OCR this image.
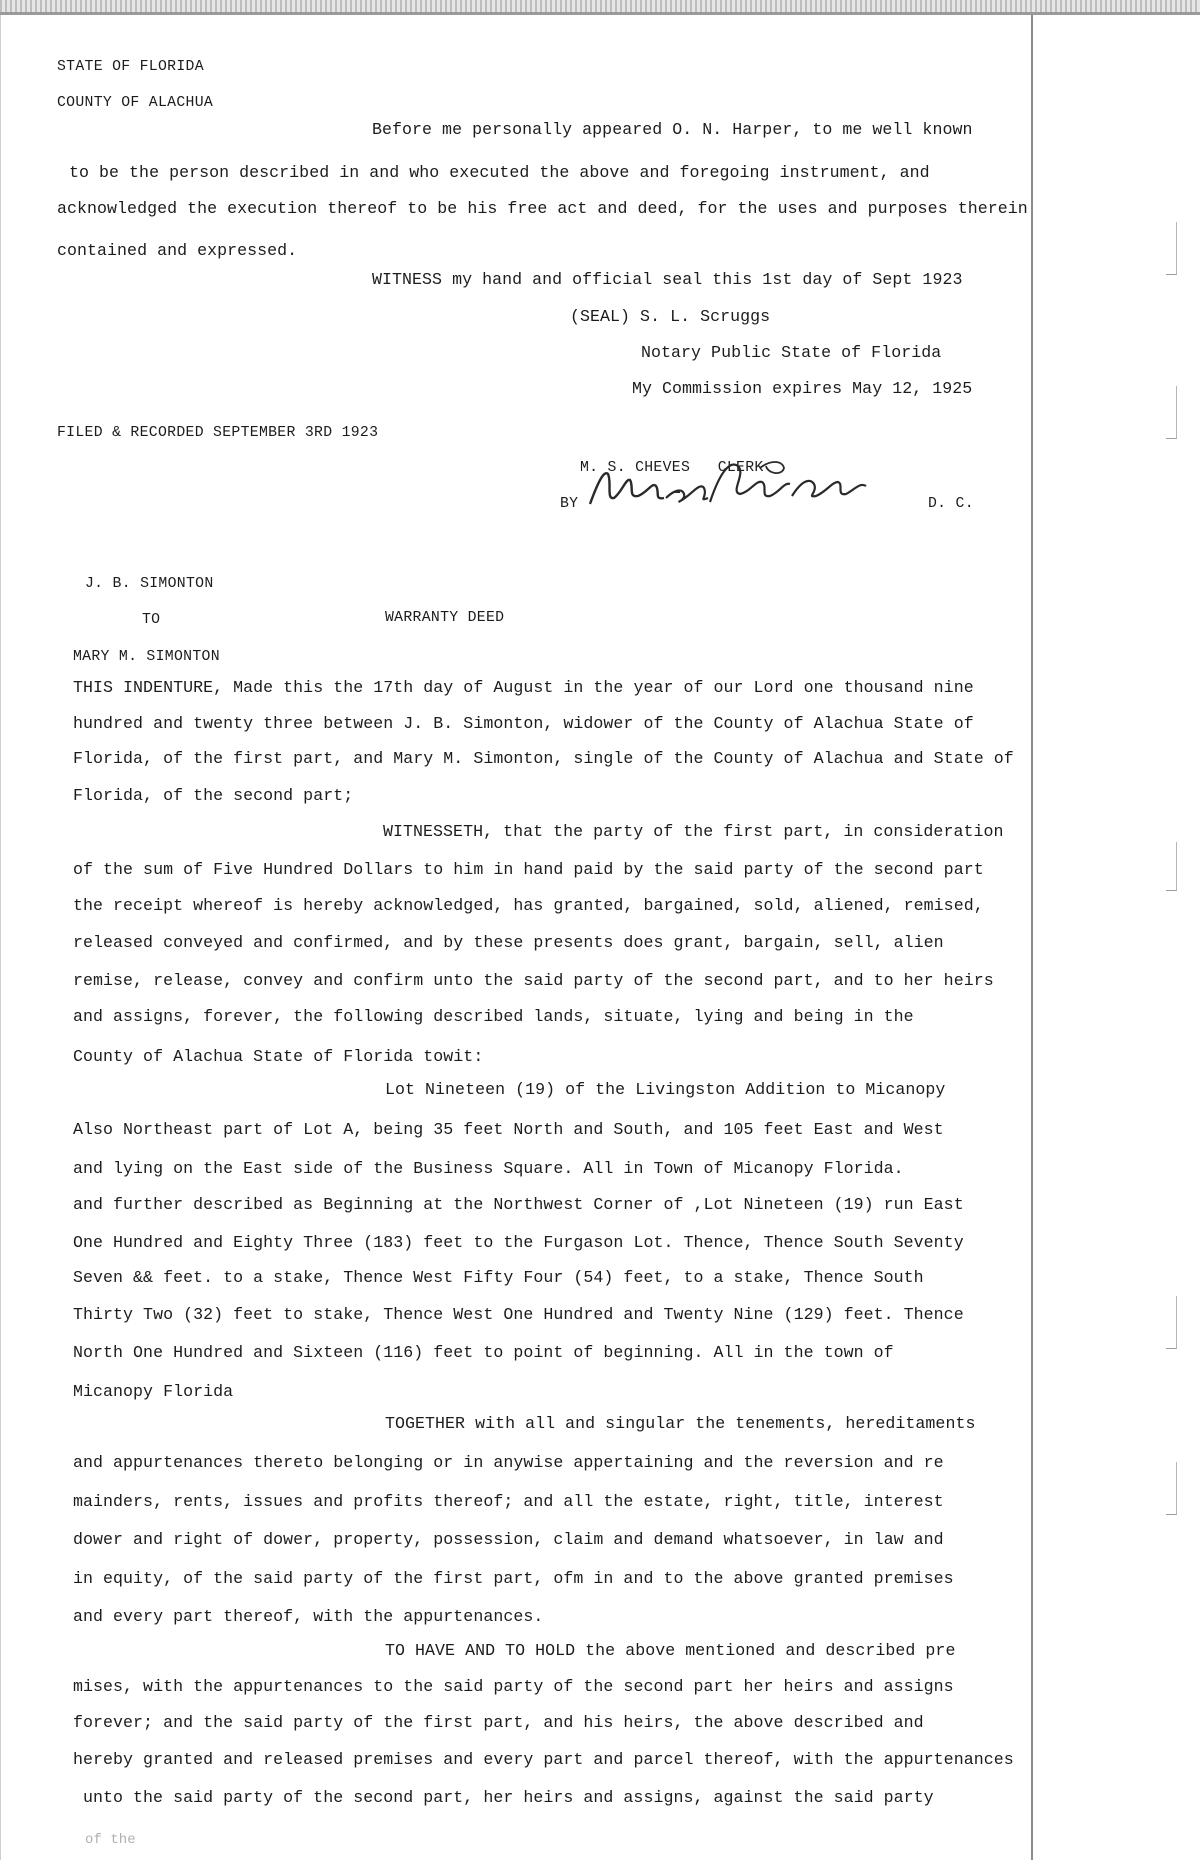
STATE OF FLORIDA
COUNTY OF ALACHUA
Before me personally appeared O. N. Harper, to me well known
to be the person described in and who executed the above and foregoing instrument, and
acknowledged the execution thereof to be his free act and deed, for the uses and purposes therein
contained and expressed.
WITNESS my hand and official seal this 1st day of Sept 1923
(SEAL) S. L. Scruggs
Notary Public State of Florida
My Commission expires May 12, 1925
FILED & RECORDED SEPTEMBER 3RD 1923
M. S. CHEVES   CLERK
BY	D. C.
J. B. SIMONTON
TO	WARRANTY DEED
MARY M. SIMONTON
THIS INDENTURE, Made this the 17th day of August in the year of our Lord one thousand nine
hundred and twenty three between J. B. Simonton, widower of the County of Alachua State of
Florida, of the first part, and Mary M. Simonton, single of the County of Alachua and State of
Florida, of the second part;
WITNESSETH, that the party of the first part, in consideration
of the sum of Five Hundred Dollars to him in hand paid by the said party of the second part
the receipt whereof is hereby acknowledged, has granted, bargained, sold, aliened, remised,
released conveyed and confirmed, and by these presents does grant, bargain, sell, alien
remise, release, convey and confirm unto the said party of the second part, and to her heirs
and assigns, forever, the following described lands, situate, lying and being in the
County of Alachua State of Florida towit:
Lot Nineteen (19) of the Livingston Addition to Micanopy
Also Northeast part of Lot A, being 35 feet North and South, and 105 feet East and West
and lying on the East side of the Business Square. All in Town of Micanopy Florida.
and further described as Beginning at the Northwest Corner of ,Lot Nineteen (19) run East
One Hundred and Eighty Three (183) feet to the Furgason Lot. Thence, Thence South Seventy
Seven && feet. to a stake, Thence West Fifty Four (54) feet, to a stake, Thence South
Thirty Two (32) feet to stake, Thence West One Hundred and Twenty Nine (129) feet. Thence
North One Hundred and Sixteen (116) feet to point of beginning. All in the town of
Micanopy Florida
TOGETHER with all and singular the tenements, hereditaments
and appurtenances thereto belonging or in anywise appertaining and the reversion and re
mainders, rents, issues and profits thereof; and all the estate, right, title, interest
dower and right of dower, property, possession, claim and demand whatsoever, in law and
in equity, of the said party of the first part, ofm in and to the above granted premises
and every part thereof, with the appurtenances.
TO HAVE AND TO HOLD the above mentioned and described pre
mises, with the appurtenances to the said party of the second part her heirs and assigns
forever; and the said party of the first part, and his heirs, the above described and
hereby granted and released premises and every part and parcel thereof, with the appurtenances
unto the said party of the second part, her heirs and assigns, against the said party
of the
